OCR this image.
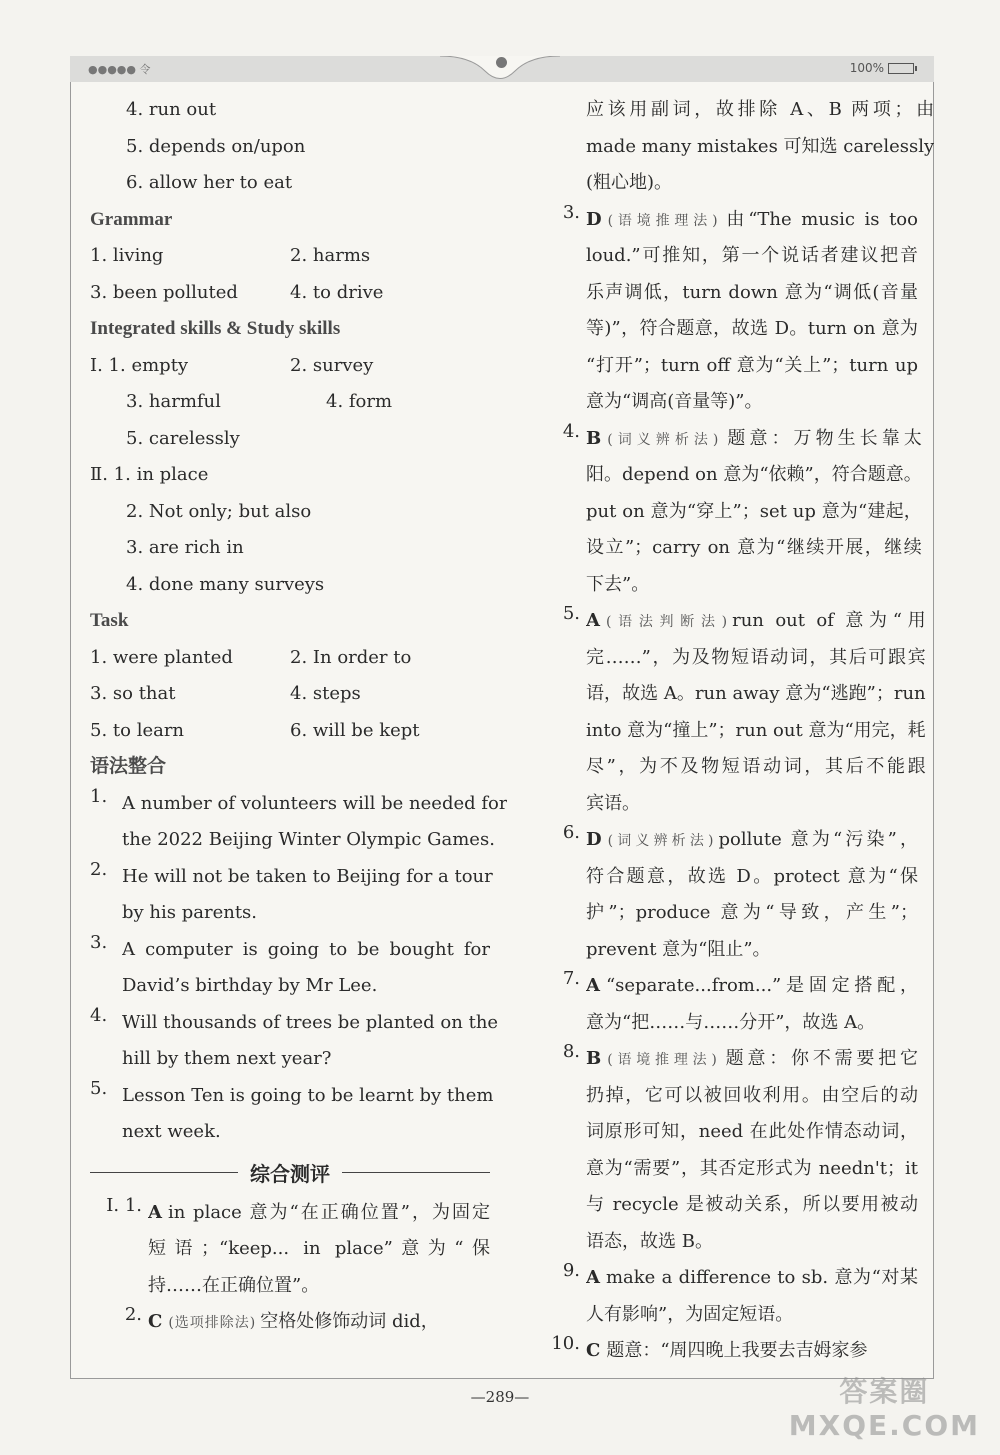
●●●●● 令	100%
4. run out
5. depends on/upon
6. allow her to eat
Grammar
1. living	2. harms
3. been polluted	4. to drive
Integrated skills & Study skills
Ⅰ. 1. empty	2. survey
3. harmful	4. form
5. carelessly
Ⅱ. 1. in place
2. Not only; but also
3. are rich in
4. done many surveys
Task
1. were planted	2. In order to
3. so that	4. steps
5. to learn	6. will be kept
语法整合
1. A number of volunteers will be needed for

the 2022 Beijing Winter Olympic Games.

2. He will not be taken to Beijing for a tour

by his parents.

3. A computer is going to be bought for

David’s birthday by Mr Lee.

4. Will thousands of trees be planted on the

hill by them next year?

5. Lesson Ten is going to be learnt by them

next week.

综合测评
Ⅰ. 1. A in place 意为“在正确位置”，为固定

短语；“keep... in place”意为“保

持……在正确位置”。

2. C (选项排除法) 空格处修饰动词 did，

应该用副词，故排除 A、B 两项；由

made many mistakes 可知选 carelessly

(粗心地)。

3. D (语境推理法) 由“The music is too

loud.”可推知，第一个说话者建议把音

乐声调低，turn down 意为“调低(音量

等)”，符合题意，故选 D。turn on 意为

“打开”；turn off 意为“关上”；turn up

意为“调高(音量等)”。

4. B (词义辨析法) 题意：万物生长靠太

阳。depend on 意为“依赖”，符合题意。

put on 意为“穿上”；set up 意为“建起，

设立”；carry on 意为“继续开展，继续

下去”。

5. A (语法判断法) run out of 意为“用

完……”，为及物短语动词，其后可跟宾

语，故选 A。run away 意为“逃跑”；run

into 意为“撞上”；run out 意为“用完，耗

尽”，为不及物短语动词，其后不能跟

宾语。

6. D (词义辨析法) pollute 意为“污染”，

符合题意，故选 D。protect 意为“保

护”；produce 意为“导致，产生”；

prevent 意为“阻止”。

7. A “separate...from...”是固定搭配，

意为“把……与……分开”，故选 A。

8. B (语境推理法) 题意：你不需要把它

扔掉，它可以被回收利用。由空后的动

词原形可知，need 在此处作情态动词，

意为“需要”，其否定形式为 needn't；it

与 recycle 是被动关系，所以要用被动

语态，故选 B。

9. A make a difference to sb. 意为“对某

人有影响”，为固定短语。

10. C 题意：“周四晚上我要去吉姆家参

—289—	答案圈
MXQE.COM
